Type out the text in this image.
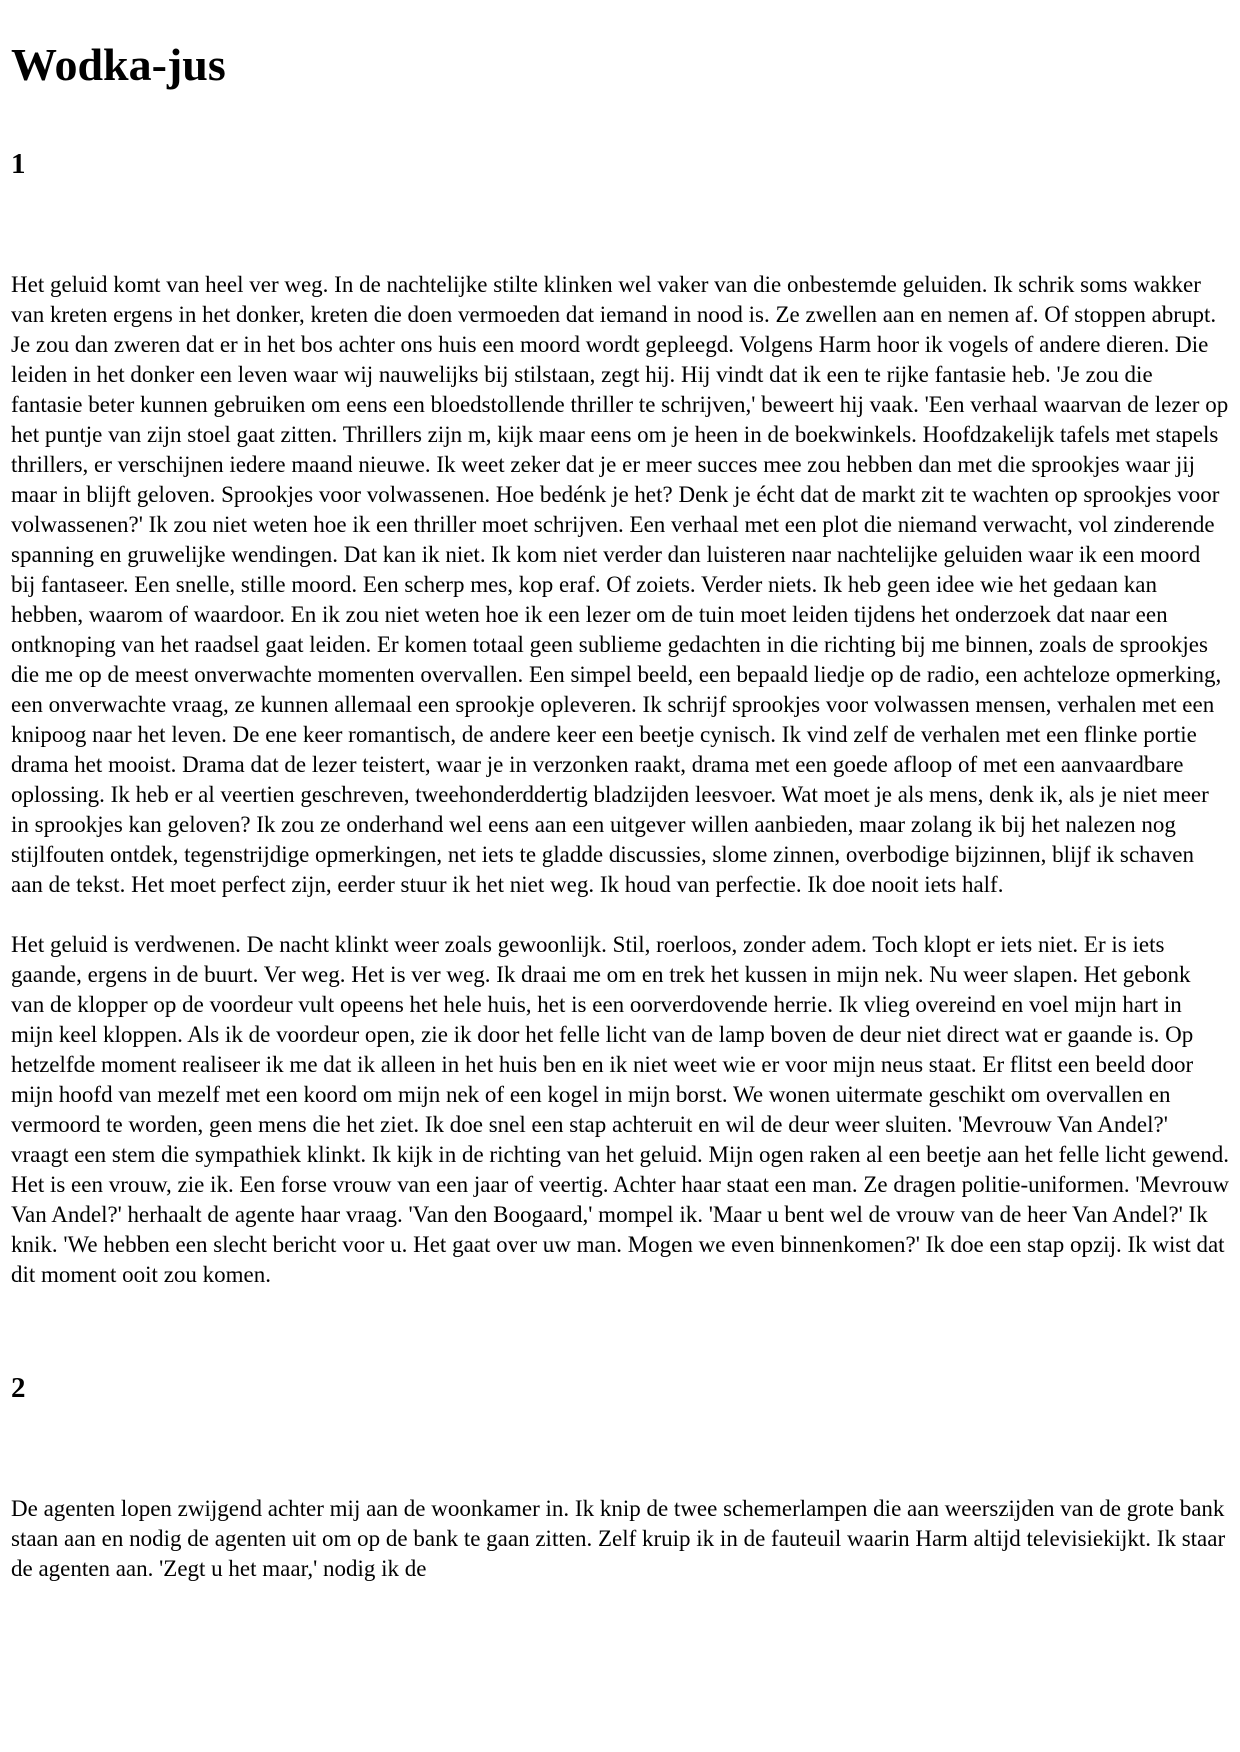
Wodka-jus
1

Het geluid komt van heel ver weg. In de nachtelijke stilte klinken wel vaker van die onbestemde geluiden. Ik schrik soms wakker van kreten ergens in het donker, kreten die doen vermoeden dat iemand in nood is. Ze zwellen aan en nemen af. Of stoppen abrupt. Je zou dan zweren dat er in het bos achter ons huis een moord wordt gepleegd. Volgens Harm hoor ik vogels of andere dieren. Die leiden in het donker een leven waar wij nauwelijks bij stilstaan, zegt hij. Hij vindt dat ik een te rijke fantasie heb. 'Je zou die fantasie beter kunnen gebruiken om eens een bloedstollende thriller te schrijven,' beweert hij vaak. 'Een verhaal waarvan de lezer op het puntje van zijn stoel gaat zitten. Thrillers zijn m, kijk maar eens om je heen in de boekwinkels. Hoofdzakelijk tafels met stapels thrillers, er verschijnen iedere maand nieuwe. Ik weet zeker dat je er meer succes mee zou hebben dan met die sprookjes waar jij maar in blijft geloven. Sprookjes voor volwassenen. Hoe bedénk je het? Denk je écht dat de markt zit te wachten op sprookjes voor volwassenen?' Ik zou niet weten hoe ik een thriller moet schrijven. Een verhaal met een plot die niemand verwacht, vol zinderende spanning en gruwelijke wendingen. Dat kan ik niet. Ik kom niet verder dan luisteren naar nachtelijke geluiden waar ik een moord bij fantaseer. Een snelle, stille moord. Een scherp mes, kop eraf. Of zoiets. Verder niets. Ik heb geen idee wie het gedaan kan hebben, waarom of waardoor. En ik zou niet weten hoe ik een lezer om de tuin moet leiden tijdens het onderzoek dat naar een ontknoping van het raadsel gaat leiden. Er komen totaal geen sublieme gedachten in die richting bij me binnen, zoals de sprookjes die me op de meest onverwachte momenten overvallen. Een simpel beeld, een bepaald liedje op de radio, een achteloze opmerking, een onverwachte vraag, ze kunnen allemaal een sprookje opleveren. Ik schrijf sprookjes voor volwassen mensen, verhalen met een knipoog naar het leven. De ene keer romantisch, de andere keer een beetje cynisch. Ik vind zelf de verhalen met een flinke portie drama het mooist. Drama dat de lezer teistert, waar je in verzonken raakt, drama met een goede afloop of met een aanvaardbare oplossing. Ik heb er al veertien geschreven, tweehonderddertig bladzijden leesvoer. Wat moet je als mens, denk ik, als je niet meer in sprookjes kan geloven? Ik zou ze onderhand wel eens aan een uitgever willen aanbieden, maar zolang ik bij het nalezen nog stijlfouten ontdek, tegenstrijdige opmerkingen, net iets te gladde discussies, slome zinnen, overbodige bijzinnen, blijf ik schaven aan de tekst. Het moet perfect zijn, eerder stuur ik het niet weg. Ik houd van perfectie. Ik doe nooit iets half.

Het geluid is verdwenen. De nacht klinkt weer zoals gewoonlijk. Stil, roerloos, zonder adem. Toch klopt er iets niet. Er is iets gaande, ergens in de buurt. Ver weg. Het is ver weg. Ik draai me om en trek het kussen in mijn nek. Nu weer slapen. Het gebonk van de klopper op de voordeur vult opeens het hele huis, het is een oorverdovende herrie. Ik vlieg overeind en voel mijn hart in mijn keel kloppen. Als ik de voordeur open, zie ik door het felle licht van de lamp boven de deur niet direct wat er gaande is. Op hetzelfde moment realiseer ik me dat ik alleen in het huis ben en ik niet weet wie er voor mijn neus staat. Er flitst een beeld door mijn hoofd van mezelf met een koord om mijn nek of een kogel in mijn borst. We wonen uitermate geschikt om overvallen en vermoord te worden, geen mens die het ziet. Ik doe snel een stap achteruit en wil de deur weer sluiten. 'Mevrouw Van Andel?' vraagt een stem die sympathiek klinkt. Ik kijk in de richting van het geluid. Mijn ogen raken al een beetje aan het felle licht gewend. Het is een vrouw, zie ik. Een forse vrouw van een jaar of veertig. Achter haar staat een man. Ze dragen politie-uniformen. 'Mevrouw Van Andel?' herhaalt de agente haar vraag. 'Van den Boogaard,' mompel ik. 'Maar u bent wel de vrouw van de heer Van Andel?' Ik knik. 'We hebben een slecht bericht voor u. Het gaat over uw man. Mogen we even binnenkomen?' Ik doe een stap opzij. Ik wist dat dit moment ooit zou komen.

2

De agenten lopen zwijgend achter mij aan de woonkamer in. Ik knip de twee schemerlampen die aan weerszijden van de grote bank staan aan en nodig de agenten uit om op de bank te gaan zitten. Zelf kruip ik in de fauteuil waarin Harm altijd televisiekijkt. Ik staar de agenten aan. 'Zegt u het maar,' nodig ik de
